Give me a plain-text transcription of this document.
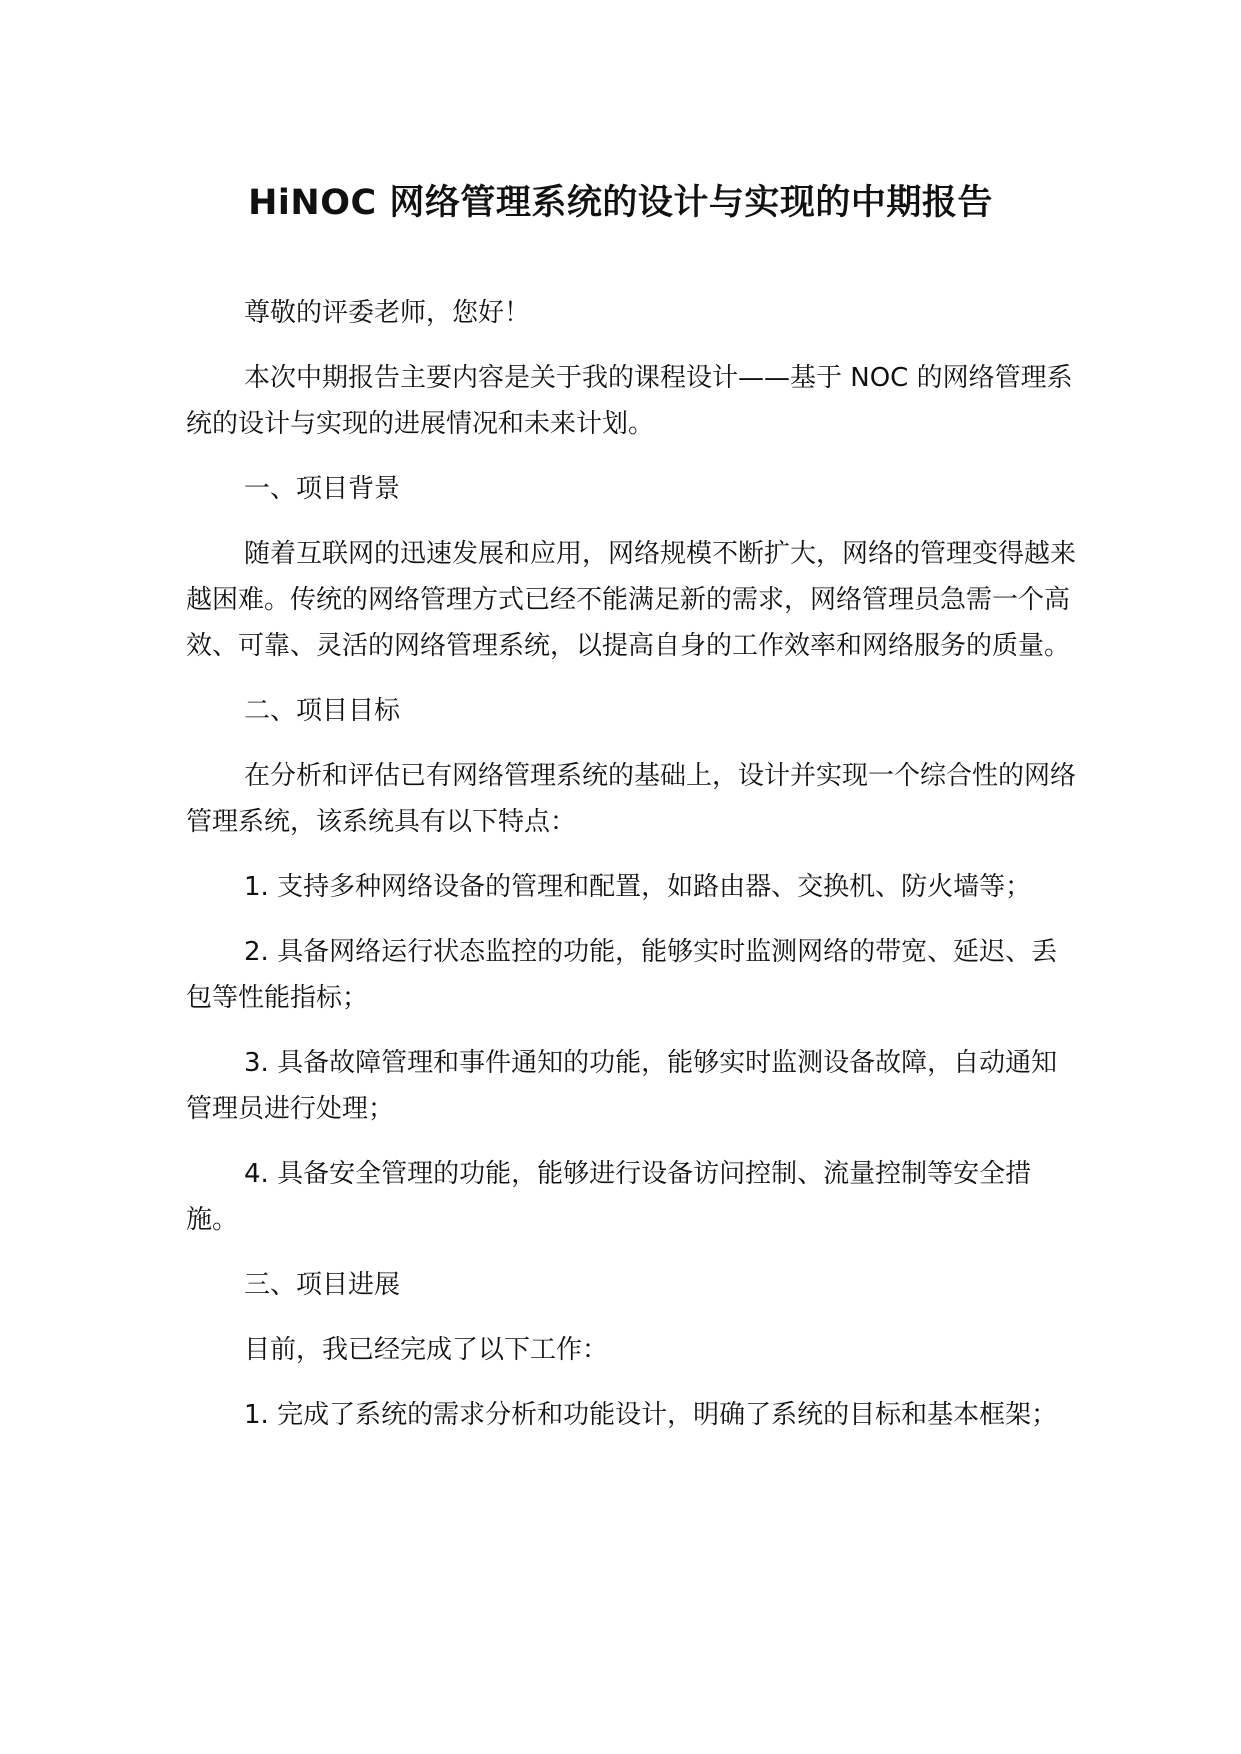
HiNOC 网络管理系统的设计与实现的中期报告

尊敬的评委老师，您好！

本次中期报告主要内容是关于我的课程设计——基于 NOC 的网络管理系统的设计与实现的进展情况和未来计划。

一、项目背景

随着互联网的迅速发展和应用，网络规模不断扩大，网络的管理变得越来越困难。传统的网络管理方式已经不能满足新的需求，网络管理员急需一个高效、可靠、灵活的网络管理系统，以提高自身的工作效率和网络服务的质量。

二、项目目标

在分析和评估已有网络管理系统的基础上，设计并实现一个综合性的网络管理系统，该系统具有以下特点：

1. 支持多种网络设备的管理和配置，如路由器、交换机、防火墙等；

2. 具备网络运行状态监控的功能，能够实时监测网络的带宽、延迟、丢包等性能指标；

3. 具备故障管理和事件通知的功能，能够实时监测设备故障，自动通知管理员进行处理；

4. 具备安全管理的功能，能够进行设备访问控制、流量控制等安全措施。

三、项目进展

目前，我已经完成了以下工作：

1. 完成了系统的需求分析和功能设计，明确了系统的目标和基本框架；
